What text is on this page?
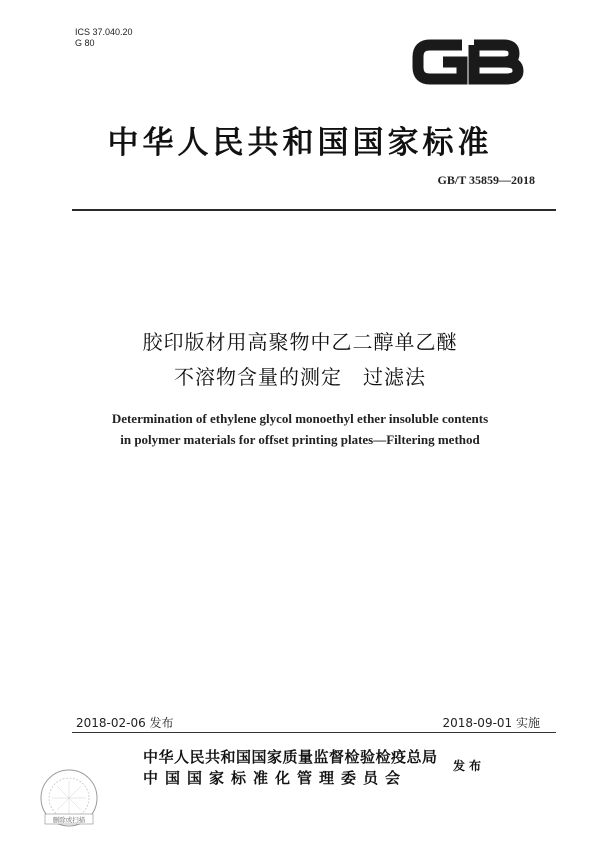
ICS 37.040.20
G 80
中华人民共和国国家标准
GB/T 35859—2018
胶印版材用高聚物中乙二醇单乙醚
不溶物含量的测定　过滤法
Determination of ethylene glycol monoethyl ether insoluble contents
in polymer materials for offset printing plates—Filtering method
2018-02-06 发布	2018-09-01 实施
中华人民共和国国家质量监督检验检疫总局
中国国家标准化管理委员会
发布
删除或扫描
